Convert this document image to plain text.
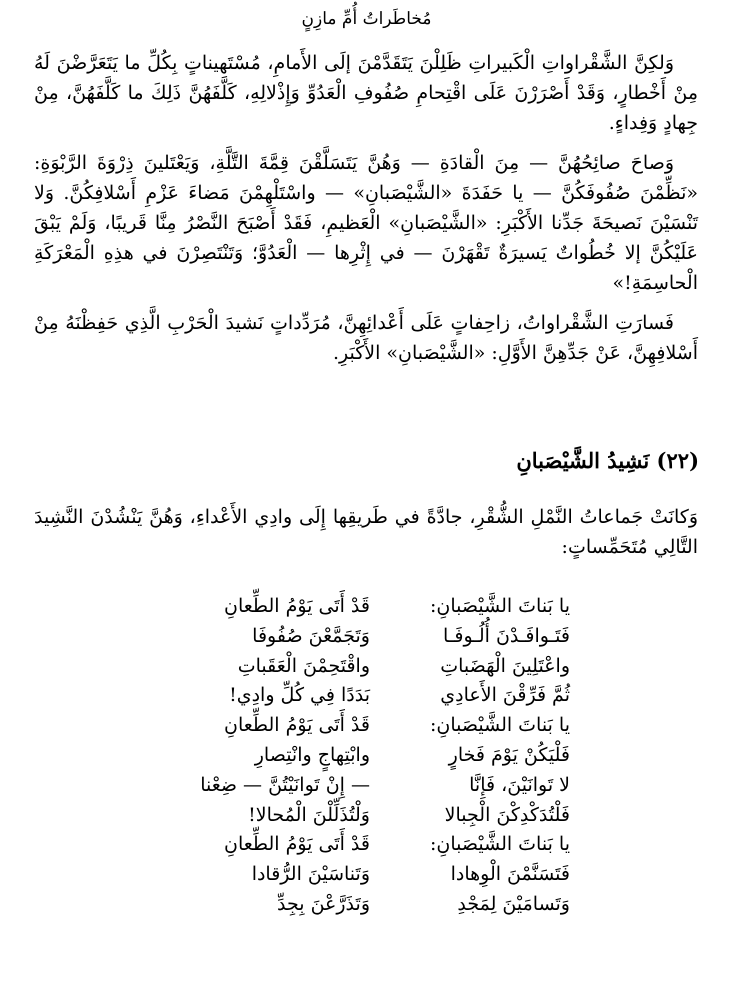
مُخاطَراتُ أُمِّ مازِنٍ

وَلكِنَّ الشَّقْراواتِ الْكَبيراتِ ظَلِلْنَ يَتَقَدَّمْنَ إلَى الأَمامِ، مُسْتَهيناتٍ بِكُلِّ ما يَتَعَرَّضْنَ لَهُ مِنْ أَخْطارٍ، وَقَدْ أَصْرَرْنَ عَلَى اقْتِحامِ صُفُوفِ الْعَدُوِّ وَإِذْلالِهِ، كَلَّفَهُنَّ ذَلِكَ ما كَلَّفَهُنَّ، مِنْ جِهادٍ وَفِداءٍ.

وَصاحَ صائِحُهُنَّ — مِنَ الْقادَةِ — وَهُنَّ يَتَسَلَّقْنَ قِمَّةَ التَّلَّةِ، وَيَعْتَلينَ ذِرْوَةَ الرَّبْوَةِ: «نَظِّمْنَ صُفُوفَكُنَّ — يا حَفَدَةَ «الشَّيْصَبانِ» — واسْتَلْهِمْنَ مَضاءَ عَزْمِ أَسْلافِكُنَّ. وَلا تَنْسَيْنَ نَصيحَةَ جَدِّنا الأَكْبَرِ: «الشَّيْصَبانِ» الْعَظيمِ، فَقَدْ أَصْبَحَ النَّصْرُ مِنَّا قَريبًا، وَلَمْ يَبْقَ عَلَيْكُنَّ إلا خُطُواتٌ يَسيرَةٌ تَقْهَرْنَ — في إِثْرِها — الْعَدُوَّ؛ وَتَنْتَصِرْنَ في هذِهِ الْمَعْرَكَةِ الْحاسِمَةِ!»

فَسارَتِ الشَّقْراواتُ، زاحِفاتٍ عَلَى أَعْدائِهِنَّ، مُرَدِّداتٍ نَشيدَ الْحَرْبِ الَّذِي حَفِظْنَهُ مِنْ أَسْلافِهِنَّ، عَنْ جَدِّهِنَّ الأَوَّلِ: «الشَّيْصَبانِ» الأَكْبَرِ.

(٢٢) نَشِيدُ الشَّيْصَبانِ

وَكانَتْ جَماعاتُ النَّمْلِ الشُّقْرِ، جادَّةً في طَريقِها إِلَى وادِي الأَعْداءِ، وَهُنَّ يَنْشُدْنَ النَّشِيدَ التَّالِي مُتَحَمِّساتٍ:

يا بَناتَ الشَّيْصَبانِ:
قَدْ أَتَى يَوْمُ الطِّعانِ
فَتَـوافَـدْنَ أُلُـوفَـا
وَتَجَمَّعْنَ صُفُوفَا
واعْتَلِينَ الْهَضَباتِ
واقْتَحِمْنَ الْعَقَباتِ
ثُمَّ فَرِّقْنَ الأَعادِي
بَدَدًا فِي كُلِّ وادِي!
يا بَناتَ الشَّيْصَبانِ:
قَدْ أَتَى يَوْمُ الطِّعانِ
فَلْيَكُنْ يَوْمَ فَخارٍ
وابْتِهاجٍ وانْتِصارِ
لا تَوانَيْنَ، فَإِنَّا
— إِنْ تَوانَيْتُنَّ — ضِعْنا
فَلْتُدَكْدِكْنَ الْجِبالا
وَلْتُذَلِّلْنَ الْمُحالا!
يا بَناتَ الشَّيْصَبانِ:
قَدْ أَتَى يَوْمُ الطِّعانِ
فَتَسَنَّمْنَ الْوِهادا
وَتَناسَيْنَ الرُّقادا
وَتَسامَيْنَ لِمَجْدِ
وَتَذَرَّعْنَ بِجِدِّ
